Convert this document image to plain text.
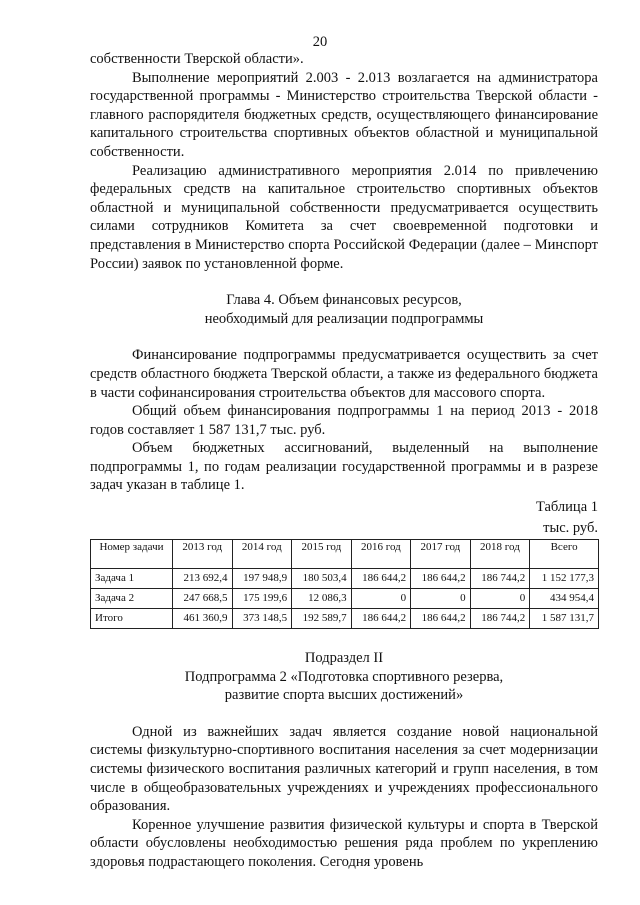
20

собственности Тверской области».

Выполнение мероприятий 2.003 - 2.013 возлагается на администратора государственной программы - Министерство строительства Тверской области - главного распорядителя бюджетных средств, осуществляющего финансирование капитального строительства спортивных объектов областной и муниципальной собственности.

Реализацию административного мероприятия 2.014 по привлечению федеральных средств на капитальное строительство спортивных объектов областной и муниципальной собственности предусматривается осуществить силами сотрудников Комитета за счет своевременной подготовки и представления в Министерство спорта Российской Федерации (далее – Минспорт России) заявок по установленной форме.

Глава 4. Объем финансовых ресурсов,

необходимый для реализации подпрограммы

Финансирование подпрограммы предусматривается осуществить за счет средств областного бюджета Тверской области, а также из федерального бюджета в части софинансирования строительства объектов для массового спорта.

Общий объем финансирования подпрограммы 1 на период 2013 - 2018 годов составляет 1 587 131,7 тыс. руб.

Объем бюджетных ассигнований, выделенный на выполнение подпрограммы 1, по годам реализации государственной программы и в разрезе задач указан в таблице 1.

Таблица 1

тыс. руб.

Номер задачи	2013 год	2014 год	2015 год	2016 год	2017 год	2018 год	Всего
Задача 1	213 692,4	197 948,9	180 503,4	186 644,2	186 644,2	186 744,2	1 152 177,3
Задача 2	247 668,5	175 199,6	12 086,3	0	0	0	434 954,4
Итого	461 360,9	373 148,5	192 589,7	186 644,2	186 644,2	186 744,2	1 587 131,7

Подраздел II

Подпрограмма 2 «Подготовка спортивного резерва,

развитие спорта высших достижений»

Одной из важнейших задач является создание новой национальной системы физкультурно-спортивного воспитания населения за счет модернизации системы физического воспитания различных категорий и групп населения, в том числе в общеобразовательных учреждениях и учреждениях профессионального образования.

Коренное улучшение развития физической культуры и спорта в Тверской области обусловлены необходимостью решения ряда проблем по укреплению здоровья подрастающего поколения. Сегодня уровень
